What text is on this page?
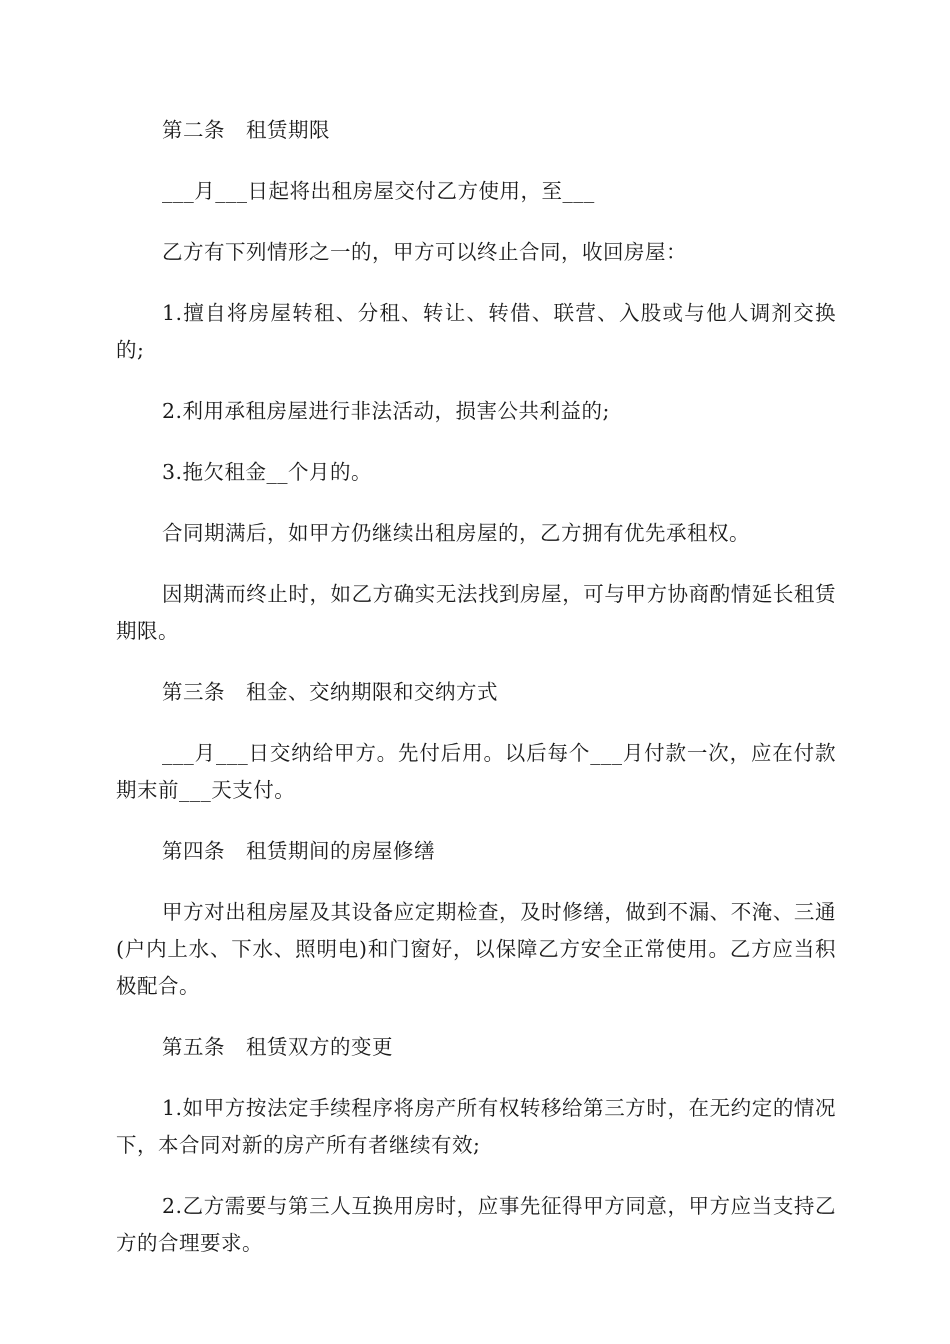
第二条　租赁期限

___月___日起将出租房屋交付乙方使用，至___

乙方有下列情形之一的，甲方可以终止合同，收回房屋：

1.擅自将房屋转租、分租、转让、转借、联营、入股或与他人调剂交换的;

2.利用承租房屋进行非法活动，损害公共利益的;

3.拖欠租金__个月的。

合同期满后，如甲方仍继续出租房屋的，乙方拥有优先承租权。

因期满而终止时，如乙方确实无法找到房屋，可与甲方协商酌情延长租赁期限。

第三条　租金、交纳期限和交纳方式

___月___日交纳给甲方。先付后用。以后每个___月付款一次，应在付款期末前___天支付。

第四条　租赁期间的房屋修缮

甲方对出租房屋及其设备应定期检查，及时修缮，做到不漏、不淹、三通(户内上水、下水、照明电)和门窗好，以保障乙方安全正常使用。乙方应当积极配合。

第五条　租赁双方的变更

1.如甲方按法定手续程序将房产所有权转移给第三方时，在无约定的情况下，本合同对新的房产所有者继续有效;

2.乙方需要与第三人互换用房时，应事先征得甲方同意，甲方应当支持乙方的合理要求。
